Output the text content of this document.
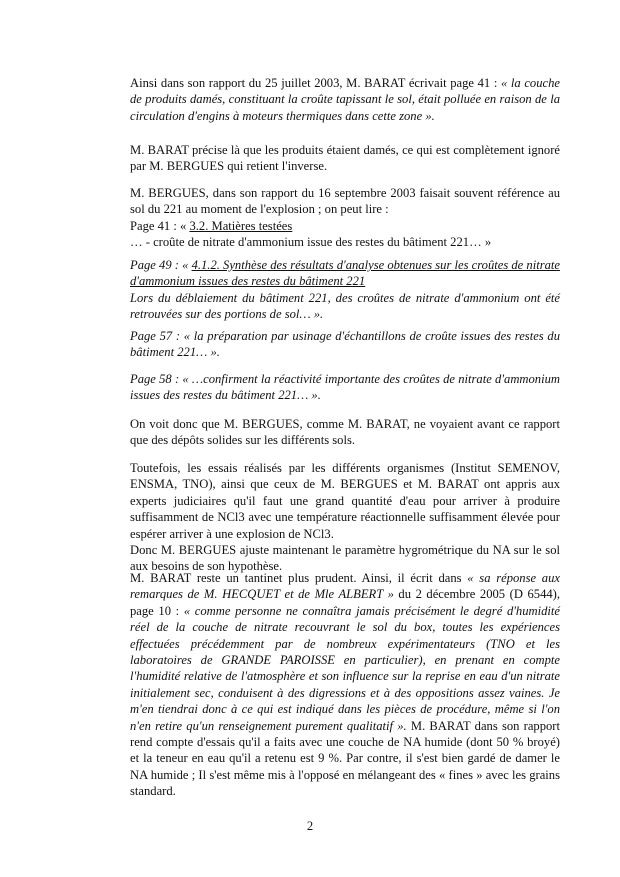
Ainsi dans son rapport du 25 juillet 2003, M. BARAT écrivait page 41 : « la couche de produits damés, constituant la croûte tapissant le sol, était polluée en raison de la circulation d'engins à moteurs thermiques dans cette zone ».

M. BARAT précise là que les produits étaient damés, ce qui est complètement ignoré par M. BERGUES qui retient l'inverse.

M. BERGUES, dans son rapport du 16 septembre 2003 faisait souvent référence au sol du 221 au moment de l'explosion ; on peut lire :
Page 41 : « 3.2. Matières testées
… - croûte de nitrate d'ammonium issue des restes du bâtiment 221… »

Page 49 : « 4.1.2. Synthèse des résultats d'analyse obtenues sur les croûtes de nitrate d'ammonium issues des restes du bâtiment 221
Lors du déblaiement du bâtiment 221, des croûtes de nitrate d'ammonium ont été retrouvées sur des portions de sol… ».

Page 57 : « la préparation par usinage d'échantillons de croûte issues des restes du bâtiment 221… ».

Page 58 : « …confirment la réactivité importante des croûtes de nitrate d'ammonium issues des restes du bâtiment 221… ».

On voit donc que M. BERGUES, comme M. BARAT, ne voyaient avant ce rapport que des dépôts solides sur les différents sols.

Toutefois, les essais réalisés par les différents organismes (Institut SEMENOV, ENSMA, TNO), ainsi que ceux de M. BERGUES et M. BARAT ont appris aux experts judiciaires qu'il faut une grand quantité d'eau pour arriver à produire suffisamment de NCl3 avec une température réactionnelle suffisamment élevée pour espérer arriver à une explosion de NCl3.
Donc M. BERGUES ajuste maintenant le paramètre hygrométrique du NA sur le sol aux besoins de son hypothèse.

M. BARAT reste un tantinet plus prudent. Ainsi, il écrit dans « sa réponse aux remarques de M. HECQUET et de Mle ALBERT » du 2 décembre 2005 (D 6544), page 10 : « comme personne ne connaîtra jamais précisément le degré d'humidité réel de la couche de nitrate recouvrant le sol du box, toutes les expériences effectuées précédemment par de nombreux expérimentateurs (TNO et les laboratoires de GRANDE PAROISSE en particulier), en prenant en compte l'humidité relative de l'atmosphère et son influence sur la reprise en eau d'un nitrate initialement sec, conduisent à des digressions et à des oppositions assez vaines. Je m'en tiendrai donc à ce qui est indiqué dans les pièces de procédure, même si l'on n'en retire qu'un renseignement purement qualitatif ». M. BARAT dans son rapport rend compte d'essais qu'il a faits avec une couche de NA humide (dont 50 % broyé) et la teneur en eau qu'il a retenu est 9 %. Par contre, il s'est bien gardé de damer le NA humide ; Il s'est même mis à l'opposé en mélangeant des « fines » avec les grains standard.

2
